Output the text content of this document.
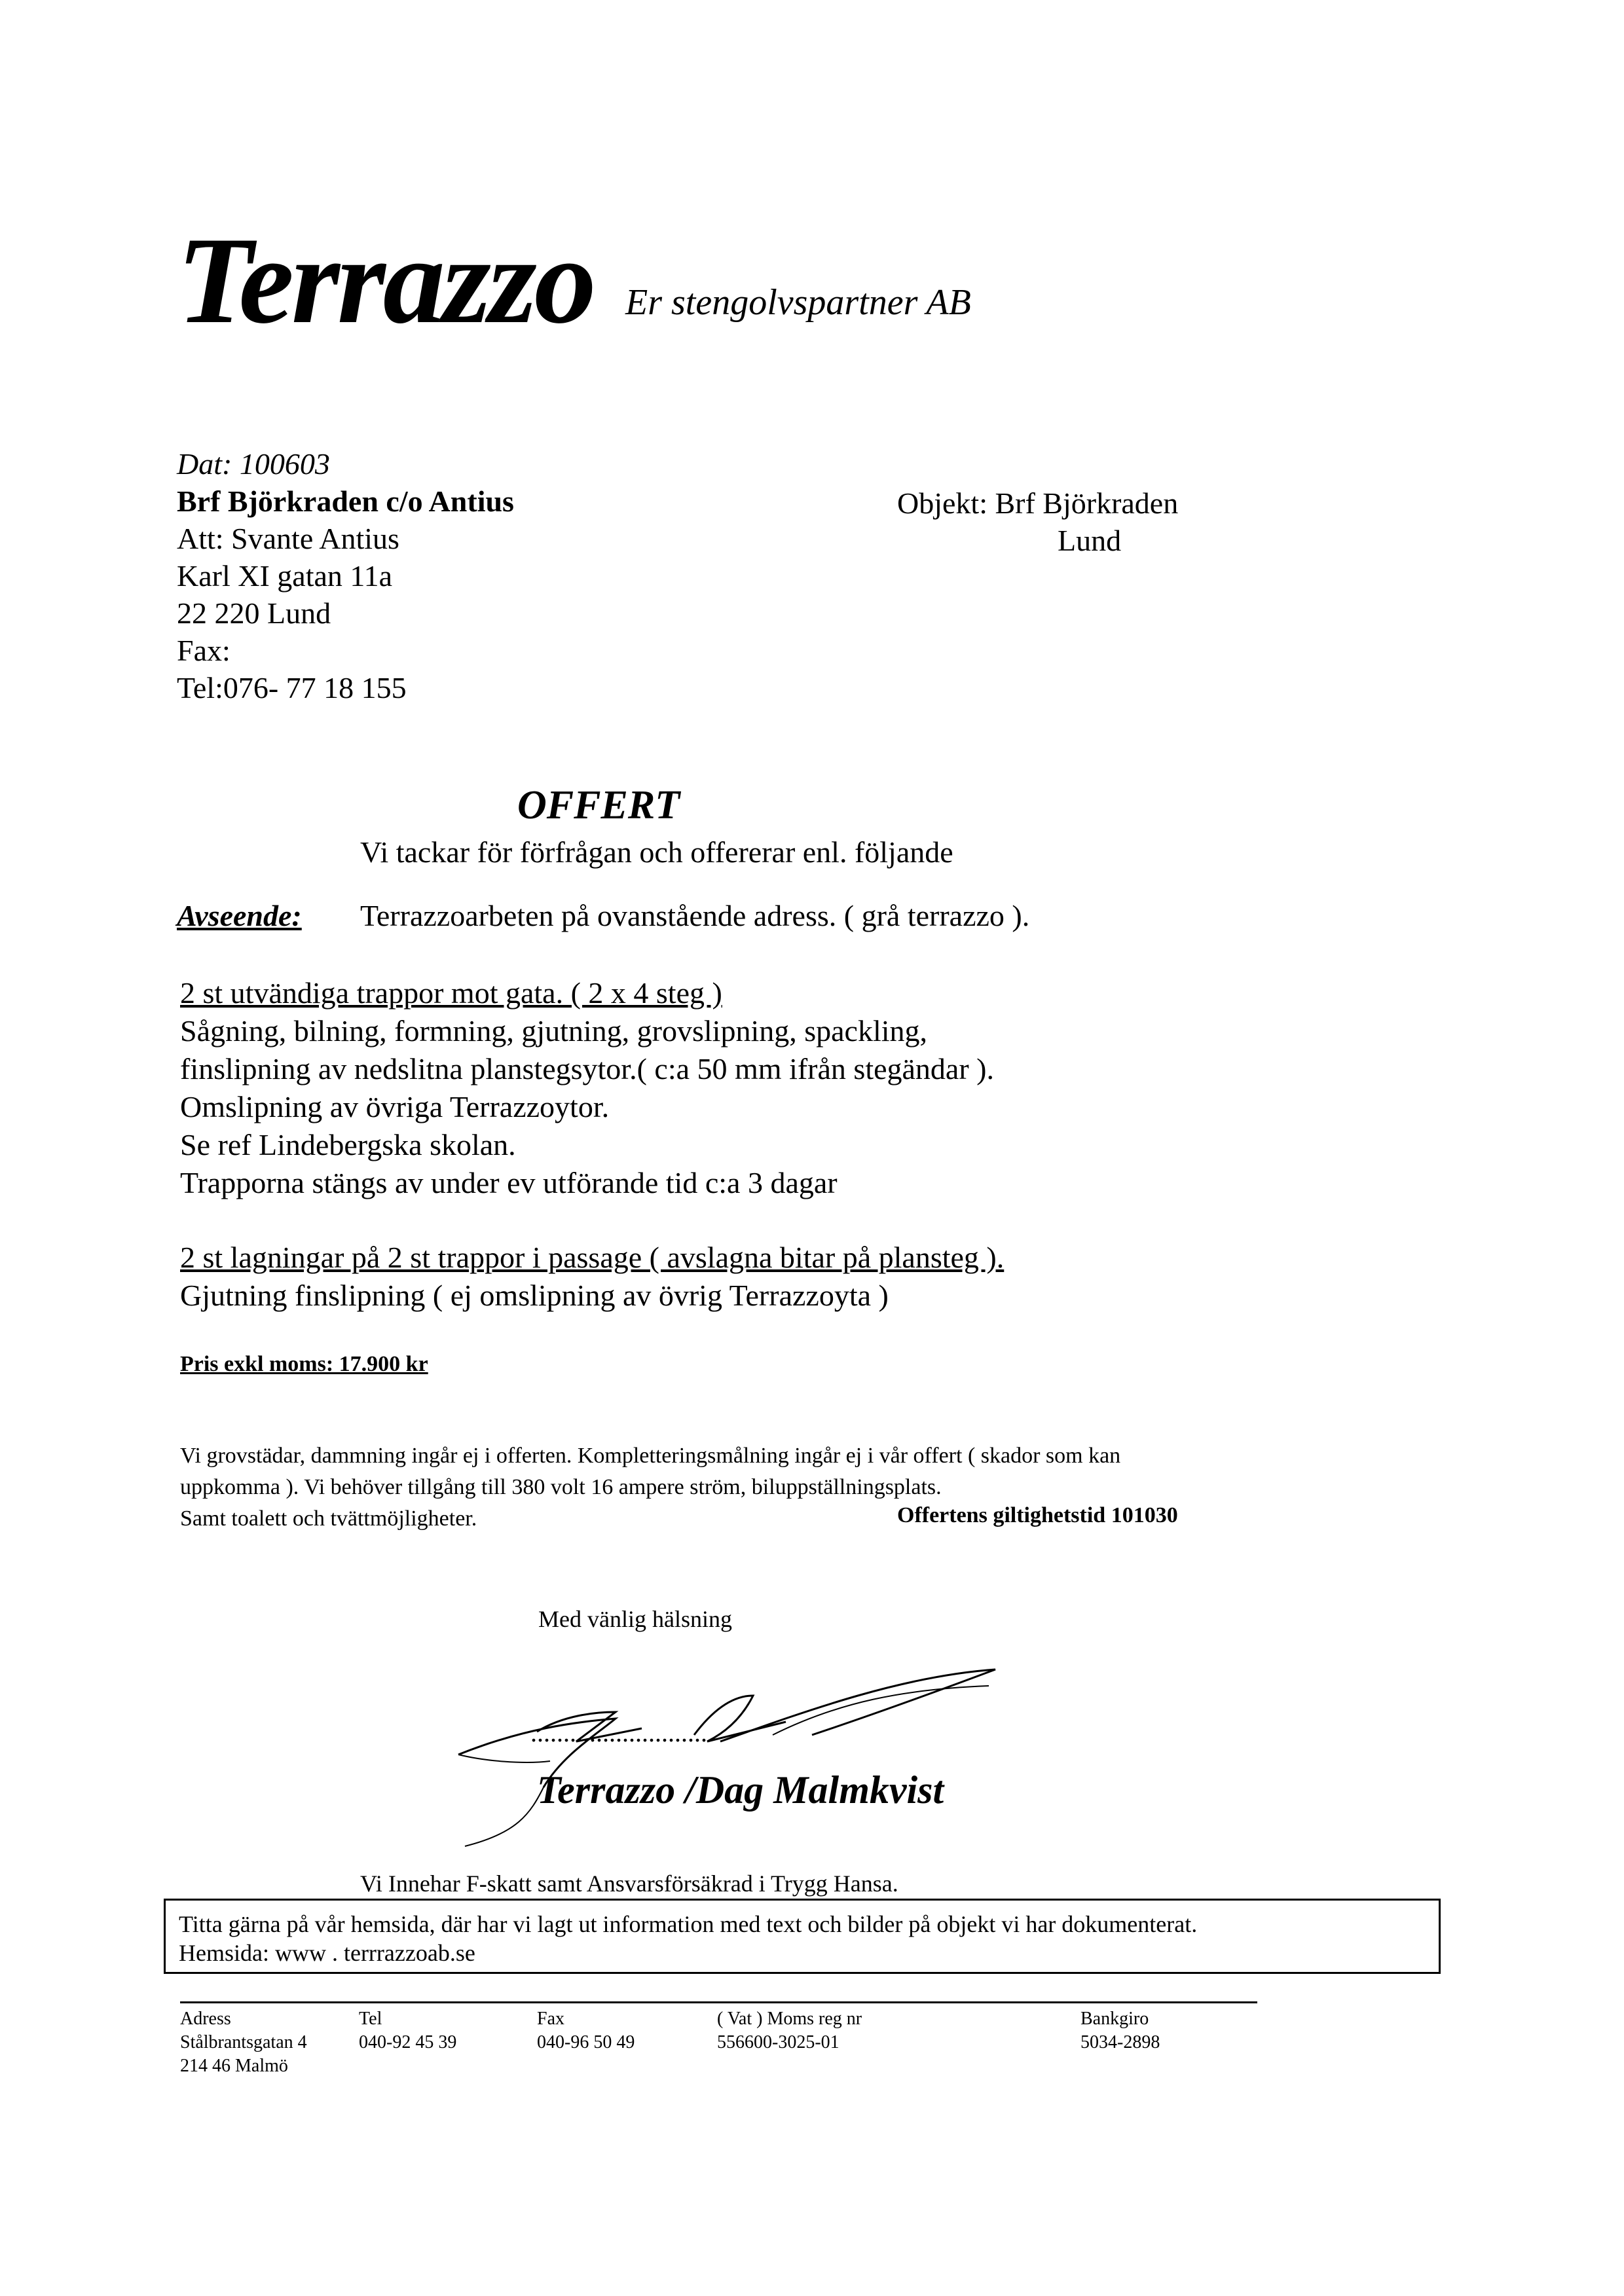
Terrazzo Er stengolvspartner AB
Dat: 100603
Brf Björkraden c/o Antius
Att: Svante Antius
Karl XI gatan 11a
22 220 Lund
Fax:
Tel:076- 77 18 155
Objekt: Brf Björkraden
Lund
OFFERT
Vi tackar för förfrågan och offererar enl. följande
Avseende: Terrazzoarbeten på ovanstående adress. ( grå terrazzo ).
2 st utvändiga trappor mot gata. ( 2 x 4 steg )
Sågning, bilning, formning, gjutning, grovslipning, spackling,
finslipning av nedslitna planstegsytor.( c:a 50 mm ifrån stegändar ).
Omslipning av övriga Terrazzoytor.
Se ref Lindebergska skolan.
Trapporna stängs av under ev utförande tid c:a 3 dagar
2 st lagningar på 2 st trappor i passage ( avslagna bitar på plansteg ).
Gjutning finslipning ( ej omslipning av övrig Terrazzoyta )
Pris exkl moms: 17.900 kr
Vi grovstädar, dammning ingår ej i offerten. Kompletteringsmålning ingår ej i vår offert ( skador som kan
uppkomma ). Vi behöver tillgång till 380 volt 16 ampere ström, biluppställningsplats.
Samt toalett och tvättmöjligheter.	Offertens giltighetstid 101030
Med vänlig hälsning
...........................
Terrazzo /Dag Malmkvist
Vi Innehar F-skatt samt Ansvarsförsäkrad i Trygg Hansa.
Titta gärna på vår hemsida, där har vi lagt ut information med text och bilder på objekt vi har dokumenterat.
Hemsida: www . terrrazzoab.se
Adress
Stålbrantsgatan 4
214 46 Malmö
Tel
040-92 45 39
Fax
040-96 50 49
( Vat ) Moms reg nr
556600-3025-01
Bankgiro
5034-2898
